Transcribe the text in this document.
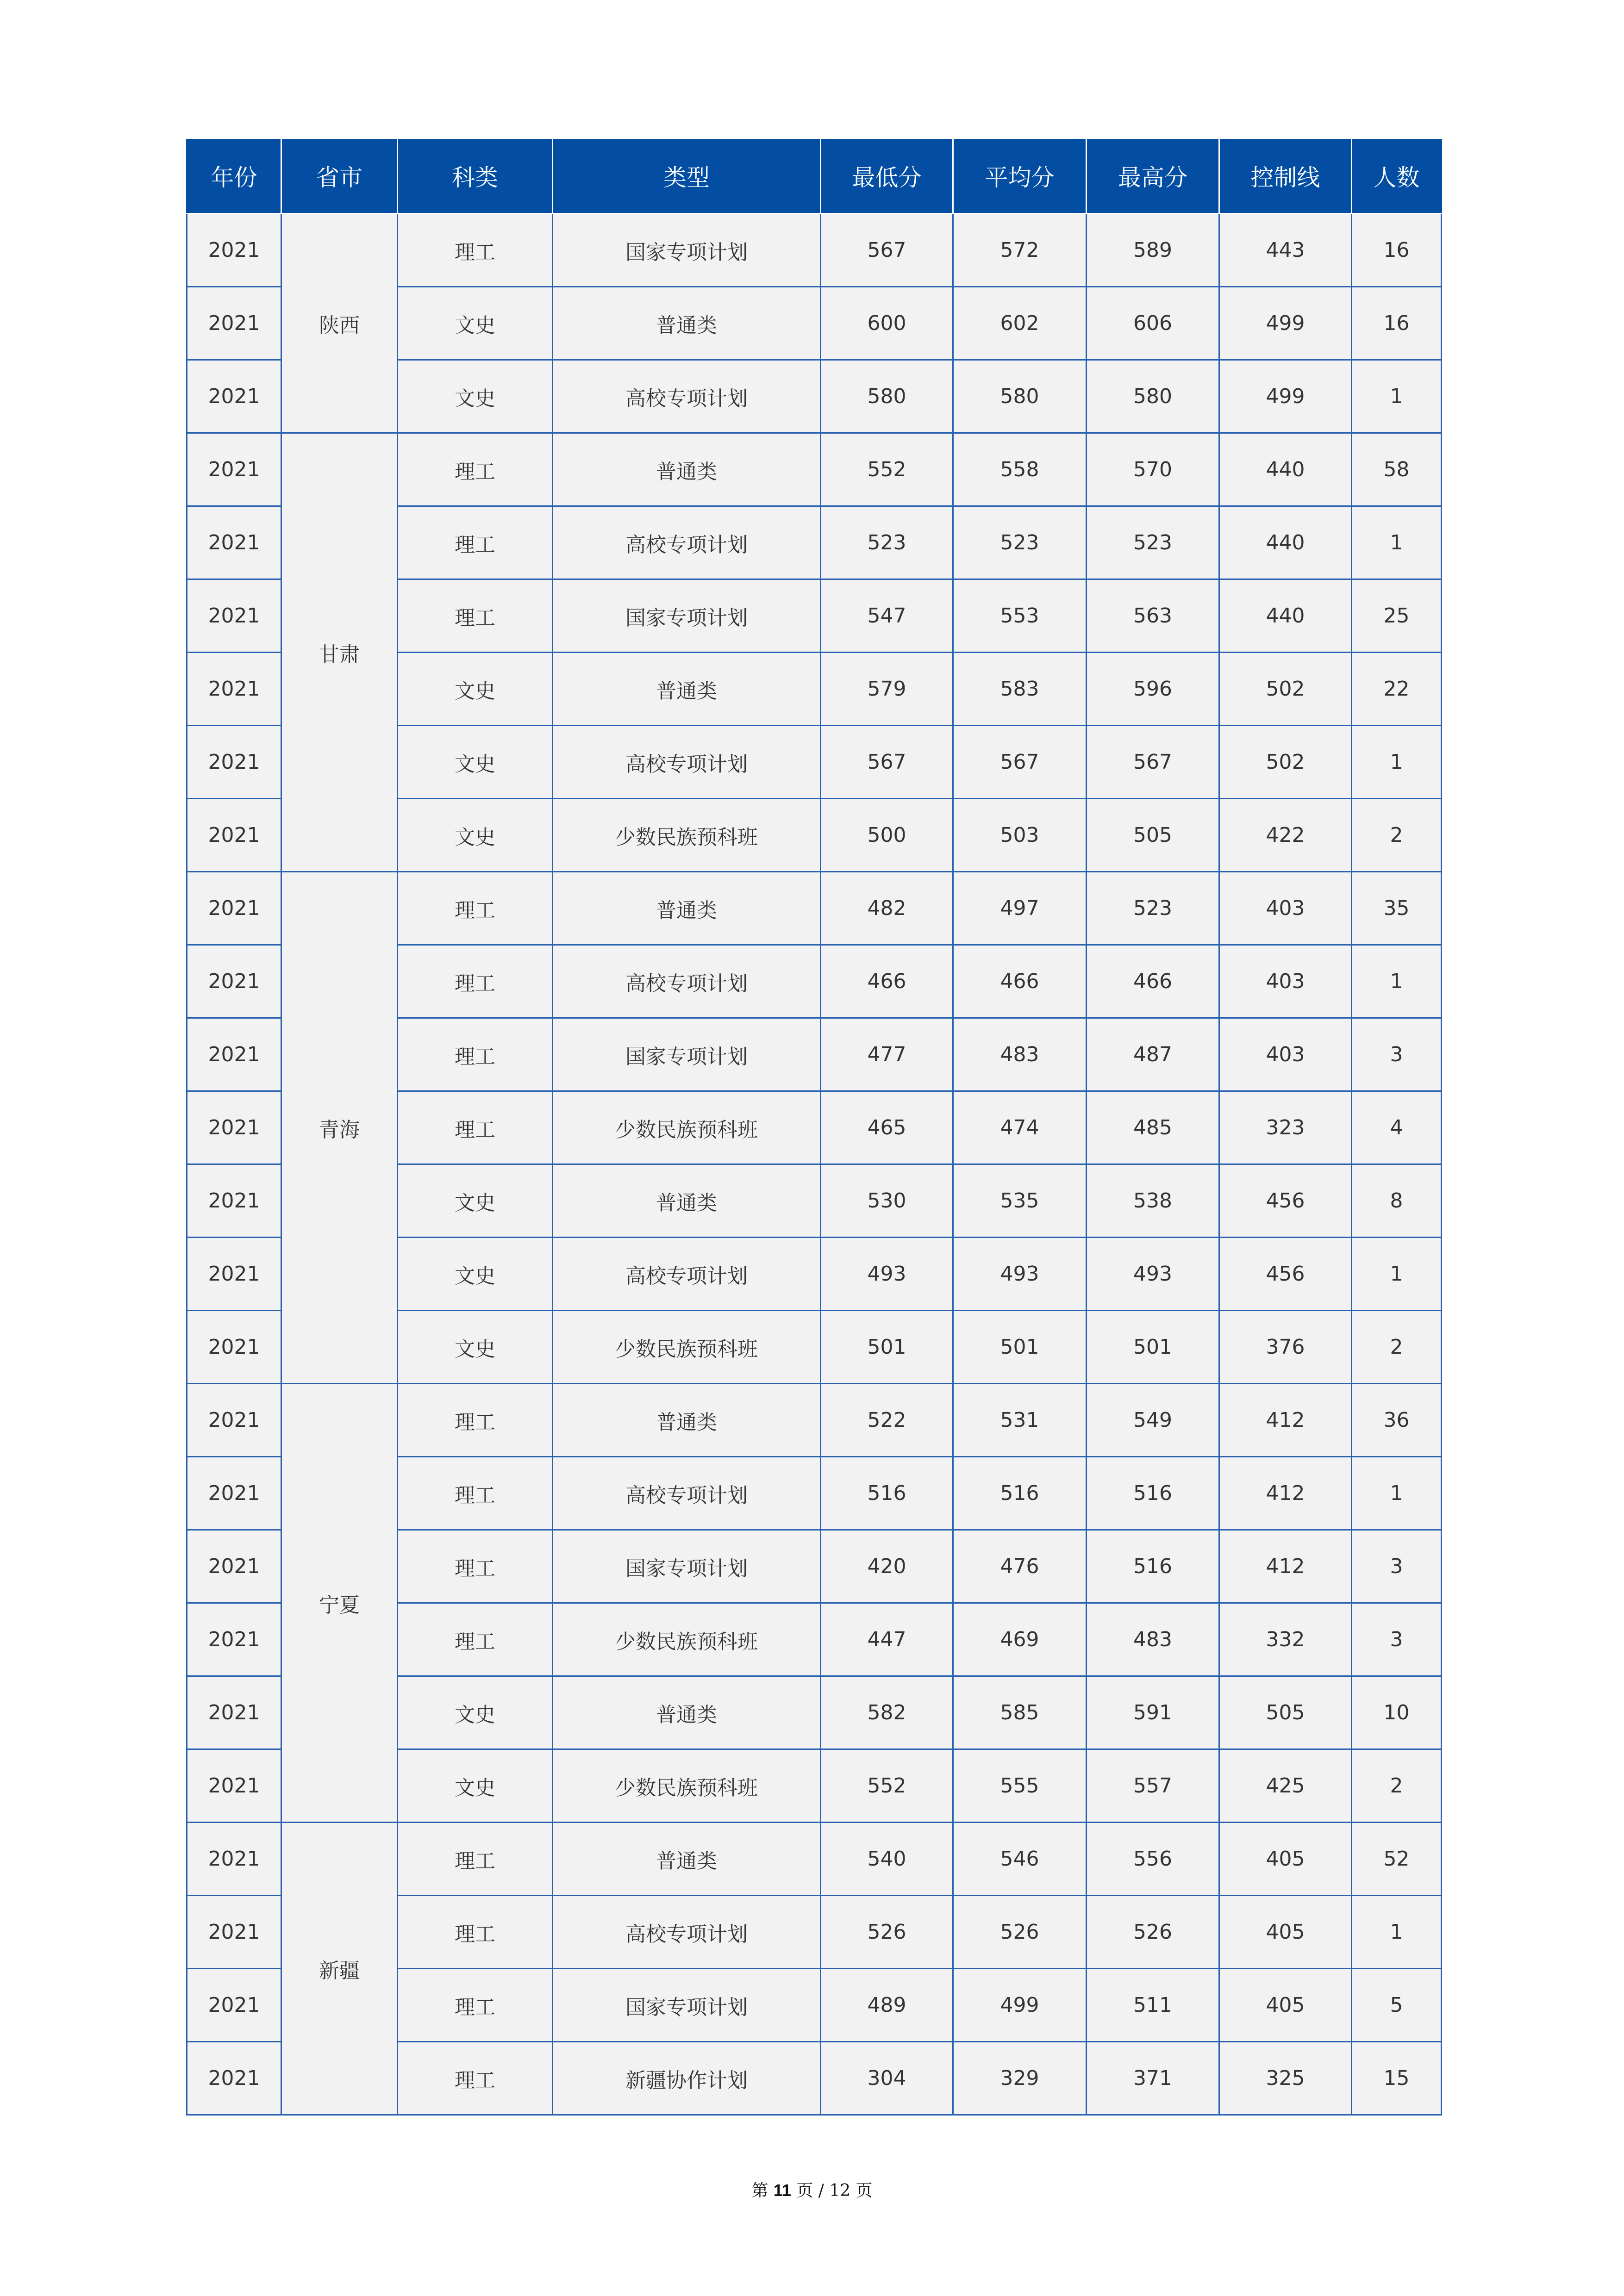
年份	省市	科类	类型	最低分	平均分	最高分	控制线	人数
2021	陕西	理工	国家专项计划	567	572	589	443	16
2021		文史	普通类	600	602	606	499	16
2021		文史	高校专项计划	580	580	580	499	1
2021	甘肃	理工	普通类	552	558	570	440	58
2021		理工	高校专项计划	523	523	523	440	1
2021		理工	国家专项计划	547	553	563	440	25
2021		文史	普通类	579	583	596	502	22
2021		文史	高校专项计划	567	567	567	502	1
2021		文史	少数民族预科班	500	503	505	422	2
2021	青海	理工	普通类	482	497	523	403	35
2021		理工	高校专项计划	466	466	466	403	1
2021		理工	国家专项计划	477	483	487	403	3
2021		理工	少数民族预科班	465	474	485	323	4
2021		文史	普通类	530	535	538	456	8
2021		文史	高校专项计划	493	493	493	456	1
2021		文史	少数民族预科班	501	501	501	376	2
2021	宁夏	理工	普通类	522	531	549	412	36
2021		理工	高校专项计划	516	516	516	412	1
2021		理工	国家专项计划	420	476	516	412	3
2021		理工	少数民族预科班	447	469	483	332	3
2021		文史	普通类	582	585	591	505	10
2021		文史	少数民族预科班	552	555	557	425	2
2021	新疆	理工	普通类	540	546	556	405	52
2021		理工	高校专项计划	526	526	526	405	1
2021		理工	国家专项计划	489	499	511	405	5
2021		理工	新疆协作计划	304	329	371	325	15
第 11 页 / 12 页
